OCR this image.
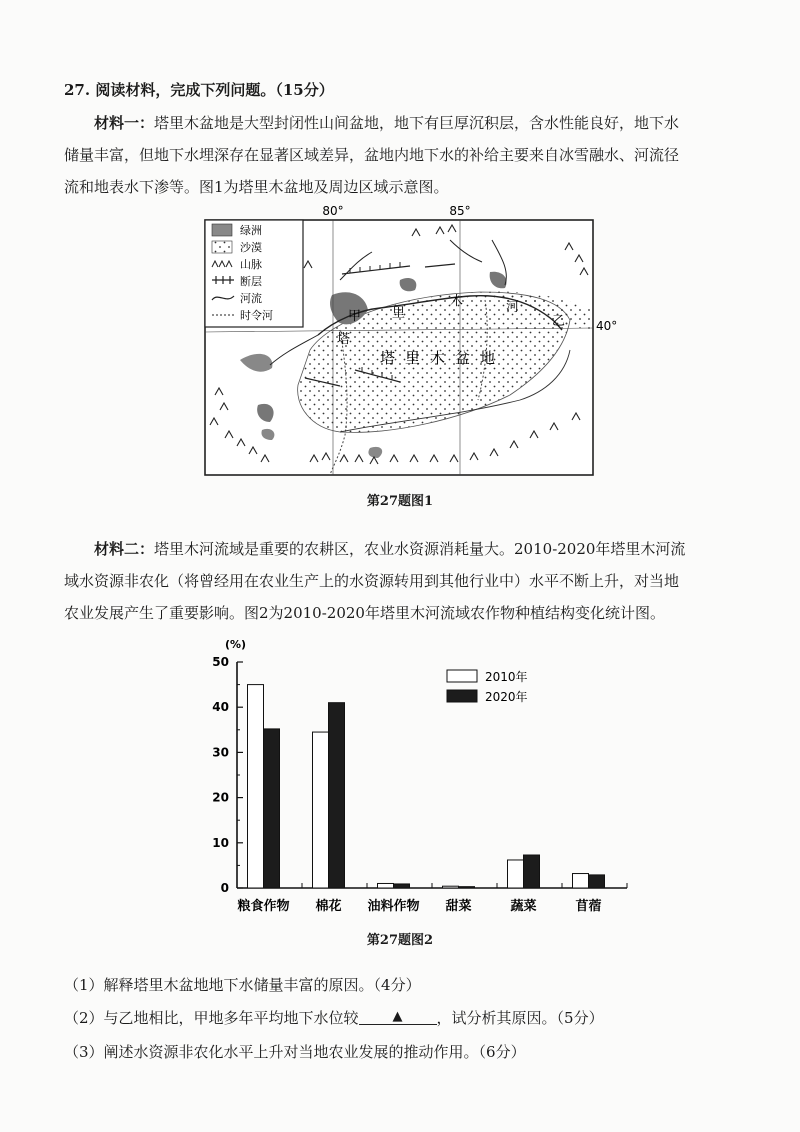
27. 阅读材料，完成下列问题。（15分）
材料一：塔里木盆地是大型封闭性山间盆地，地下有巨厚沉积层，含水性能良好，地下水
储量丰富，但地下水埋深存在显著区域差异，盆地内地下水的补给主要来自冰雪融水、河流径
流和地表水下渗等。图1为塔里木盆地及周边区域示意图。
80°	85°
40°
绿洲
沙漠
山脉
断层
河流
时令河	甲	乙
塔
里
木	河
塔里木盆地
第27题图1
材料二：塔里木河流域是重要的农耕区，农业水资源消耗量大。2010-2020年塔里木河流
域水资源非农化（将曾经用在农业生产上的水资源转用到其他行业中）水平不断上升，对当地
农业发展产生了重要影响。图2为2010-2020年塔里木河流域农作物种植结构变化统计图。
(%)
0
10
20
30
40
50
粮食作物 棉花 油料作物 甜菜	蔬菜	苜蓿
2010年
2020年
第27题图2
（1）解释塔里木盆地地下水储量丰富的原因。（4分）
（2）与乙地相比，甲地多年平均地下水位较	▲	，试分析其原因。（5分）
（3）阐述水资源非农化水平上升对当地农业发展的推动作用。（6分）
